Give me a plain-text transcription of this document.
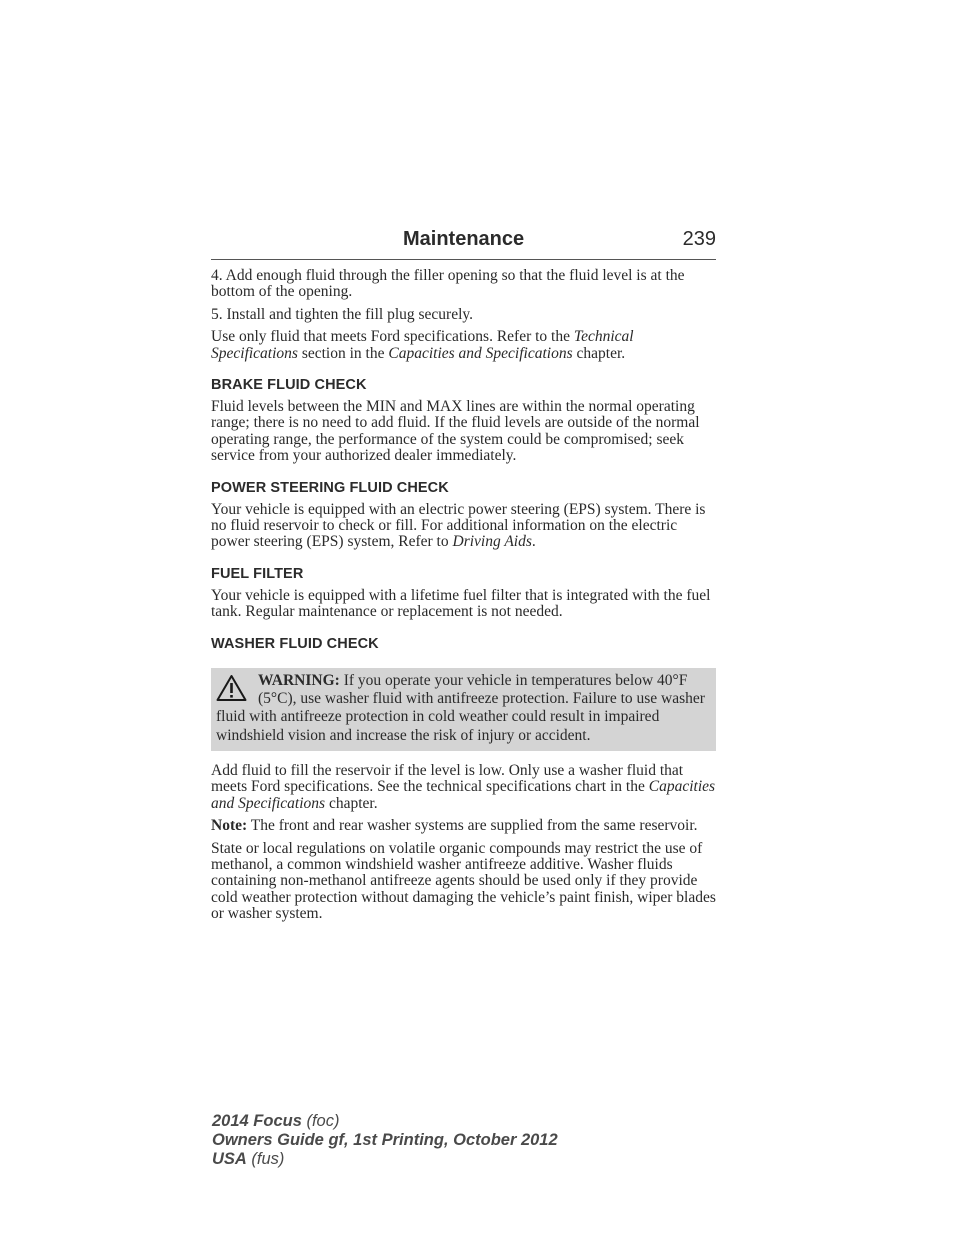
Maintenance	239

4. Add enough fluid through the filler opening so that the fluid level is at the bottom of the opening.

5. Install and tighten the fill plug securely.

Use only fluid that meets Ford specifications. Refer to the Technical Specifications section in the Capacities and Specifications chapter.

BRAKE FLUID CHECK

Fluid levels between the MIN and MAX lines are within the normal operating range; there is no need to add fluid. If the fluid levels are outside of the normal operating range, the performance of the system could be compromised; seek service from your authorized dealer immediately.

POWER STEERING FLUID CHECK

Your vehicle is equipped with an electric power steering (EPS) system. There is no fluid reservoir to check or fill. For additional information on the electric power steering (EPS) system, Refer to Driving Aids.

FUEL FILTER

Your vehicle is equipped with a lifetime fuel filter that is integrated with the fuel tank. Regular maintenance or replacement is not needed.

WASHER FLUID CHECK
WARNING: If you operate your vehicle in temperatures below 40°F (5°C), use washer fluid with antifreeze protection. Failure to use washer fluid with antifreeze protection in cold weather could result in impaired windshield vision and increase the risk of injury or accident.

Add fluid to fill the reservoir if the level is low. Only use a washer fluid that meets Ford specifications. See the technical specifications chart in the Capacities and Specifications chapter.

Note: The front and rear washer systems are supplied from the same reservoir.

State or local regulations on volatile organic compounds may restrict the use of methanol, a common windshield washer antifreeze additive. Washer fluids containing non-methanol antifreeze agents should be used only if they provide cold weather protection without damaging the vehicle’s paint finish, wiper blades or washer system.

2014 Focus (foc)
Owners Guide gf, 1st Printing, October 2012
USA (fus)
